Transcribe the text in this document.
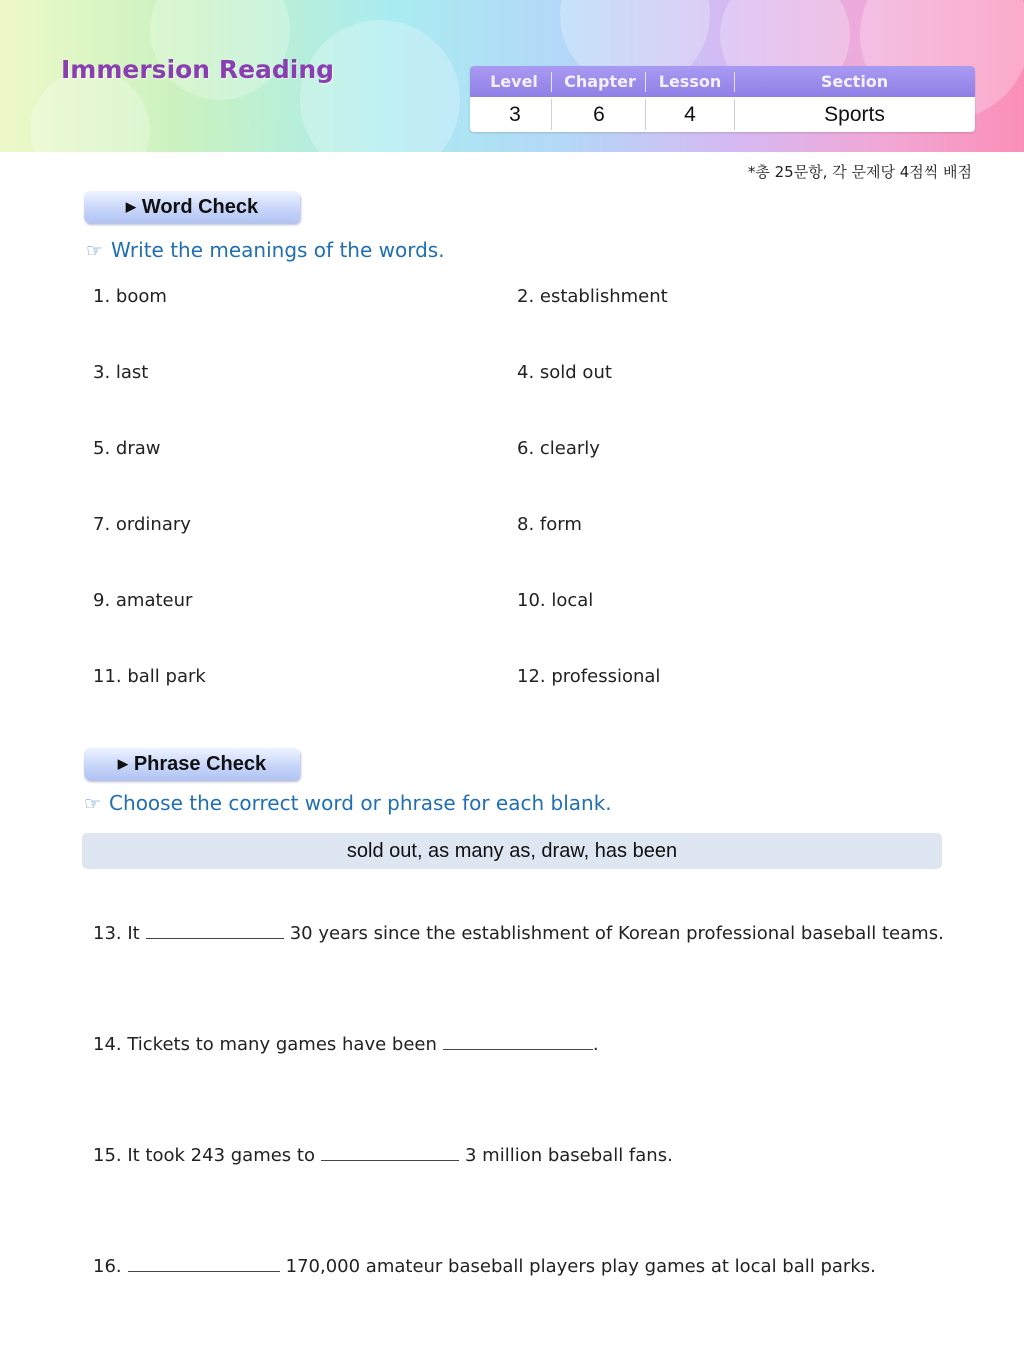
Immersion Reading	Level	Chapter	Lesson	Section
3	6	4	Sports
*총 25문항, 각 문제당 4점씩 배점
▶ Word Check
☞ Write the meanings of the words.
1. boom	2. establishment
3. last	4. sold out
5. draw	6. clearly
7. ordinary	8. form
9. amateur	10. local
11. ball park	12. professional
▶ Phrase Check
☞ Choose the correct word or phrase for each blank.
sold out, as many as, draw, has been
13. It	30 years since the establishment of Korean professional baseball teams.
14. Tickets to many games have been	.
15. It took 243 games to	3 million baseball fans.
16.	170,000 amateur baseball players play games at local ball parks.
